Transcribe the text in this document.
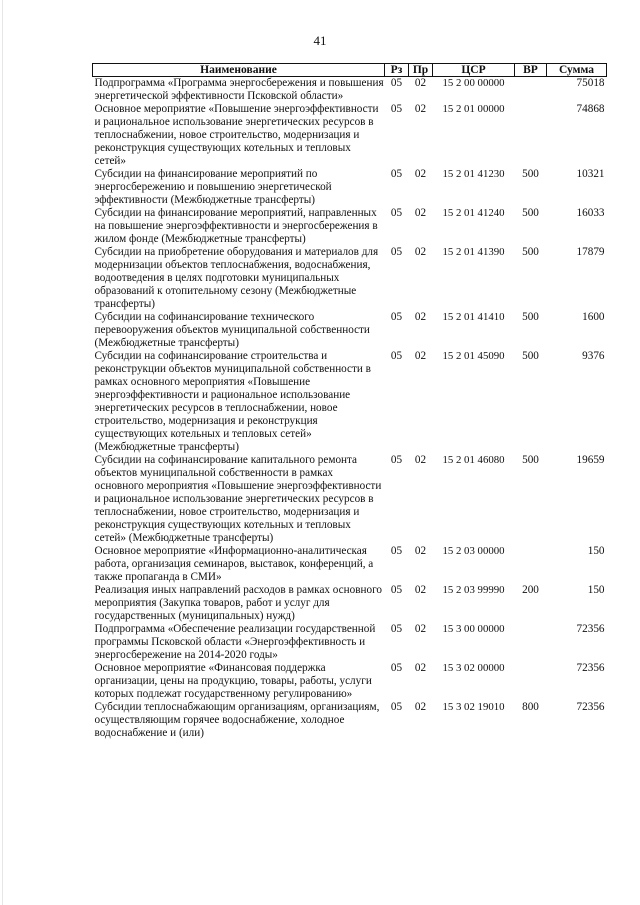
41
Наименование	Рз	Пр	ЦСР	ВР	Сумма
Подпрограмма «Программа энергосбережения и повышения энергетической эффективности Псковской области»	05	02	15 2 00 00000		75018
Основное мероприятие «Повышение энергоэффективности и рациональное использование энергетических ресурсов в теплоснабжении, новое строительство, модернизация и реконструкция существующих котельных и тепловых сетей»	05	02	15 2 01 00000		74868
Субсидии на финансирование мероприятий по энергосбережению и повышению энергетической эффективности (Межбюджетные трансферты)	05	02	15 2 01 41230	500	10321
Субсидии на финансирование мероприятий, направленных на повышение энергоэффективности и энергосбережения в жилом фонде (Межбюджетные трансферты)	05	02	15 2 01 41240	500	16033
Субсидии на приобретение оборудования и материалов для модернизации объектов теплоснабжения, водоснабжения, водоотведения в целях подготовки муниципальных образований к отопительному сезону (Межбюджетные трансферты)	05	02	15 2 01 41390	500	17879
Субсидии на софинансирование технического перевооружения объектов муниципальной собственности (Межбюджетные трансферты)	05	02	15 2 01 41410	500	1600
Субсидии на софинансирование строительства и реконструкции объектов муниципальной собственности в рамках основного мероприятия «Повышение энергоэффективности и рациональное использование энергетических ресурсов в теплоснабжении, новое строительство, модернизация и реконструкция существующих котельных и тепловых сетей» (Межбюджетные трансферты)	05	02	15 2 01 45090	500	9376
Субсидии на софинансирование капитального ремонта объектов муниципальной собственности в рамках основного мероприятия «Повышение энергоэффективности и рациональное использование энергетических ресурсов в теплоснабжении, новое строительство, модернизация и реконструкция существующих котельных и тепловых сетей» (Межбюджетные трансферты)	05	02	15 2 01 46080	500	19659
Основное мероприятие «Информационно-аналитическая работа, организация семинаров, выставок, конференций, а также пропаганда в СМИ»	05	02	15 2 03 00000		150
Реализация иных направлений расходов в рамках основного мероприятия (Закупка товаров, работ и услуг для государственных (муниципальных) нужд)	05	02	15 2 03 99990	200	150
Подпрограмма «Обеспечение реализации государственной программы Псковской области «Энергоэффективность и энергосбережение на 2014-2020 годы»	05	02	15 3 00 00000		72356
Основное мероприятие «Финансовая поддержка организации, цены на продукцию, товары, работы, услуги которых подлежат государственному регулированию»	05	02	15 3 02 00000		72356
Субсидии теплоснабжающим организациям, организациям, осуществляющим горячее водоснабжение, холодное водоснабжение и (или)	05	02	15 3 02 19010	800	72356
